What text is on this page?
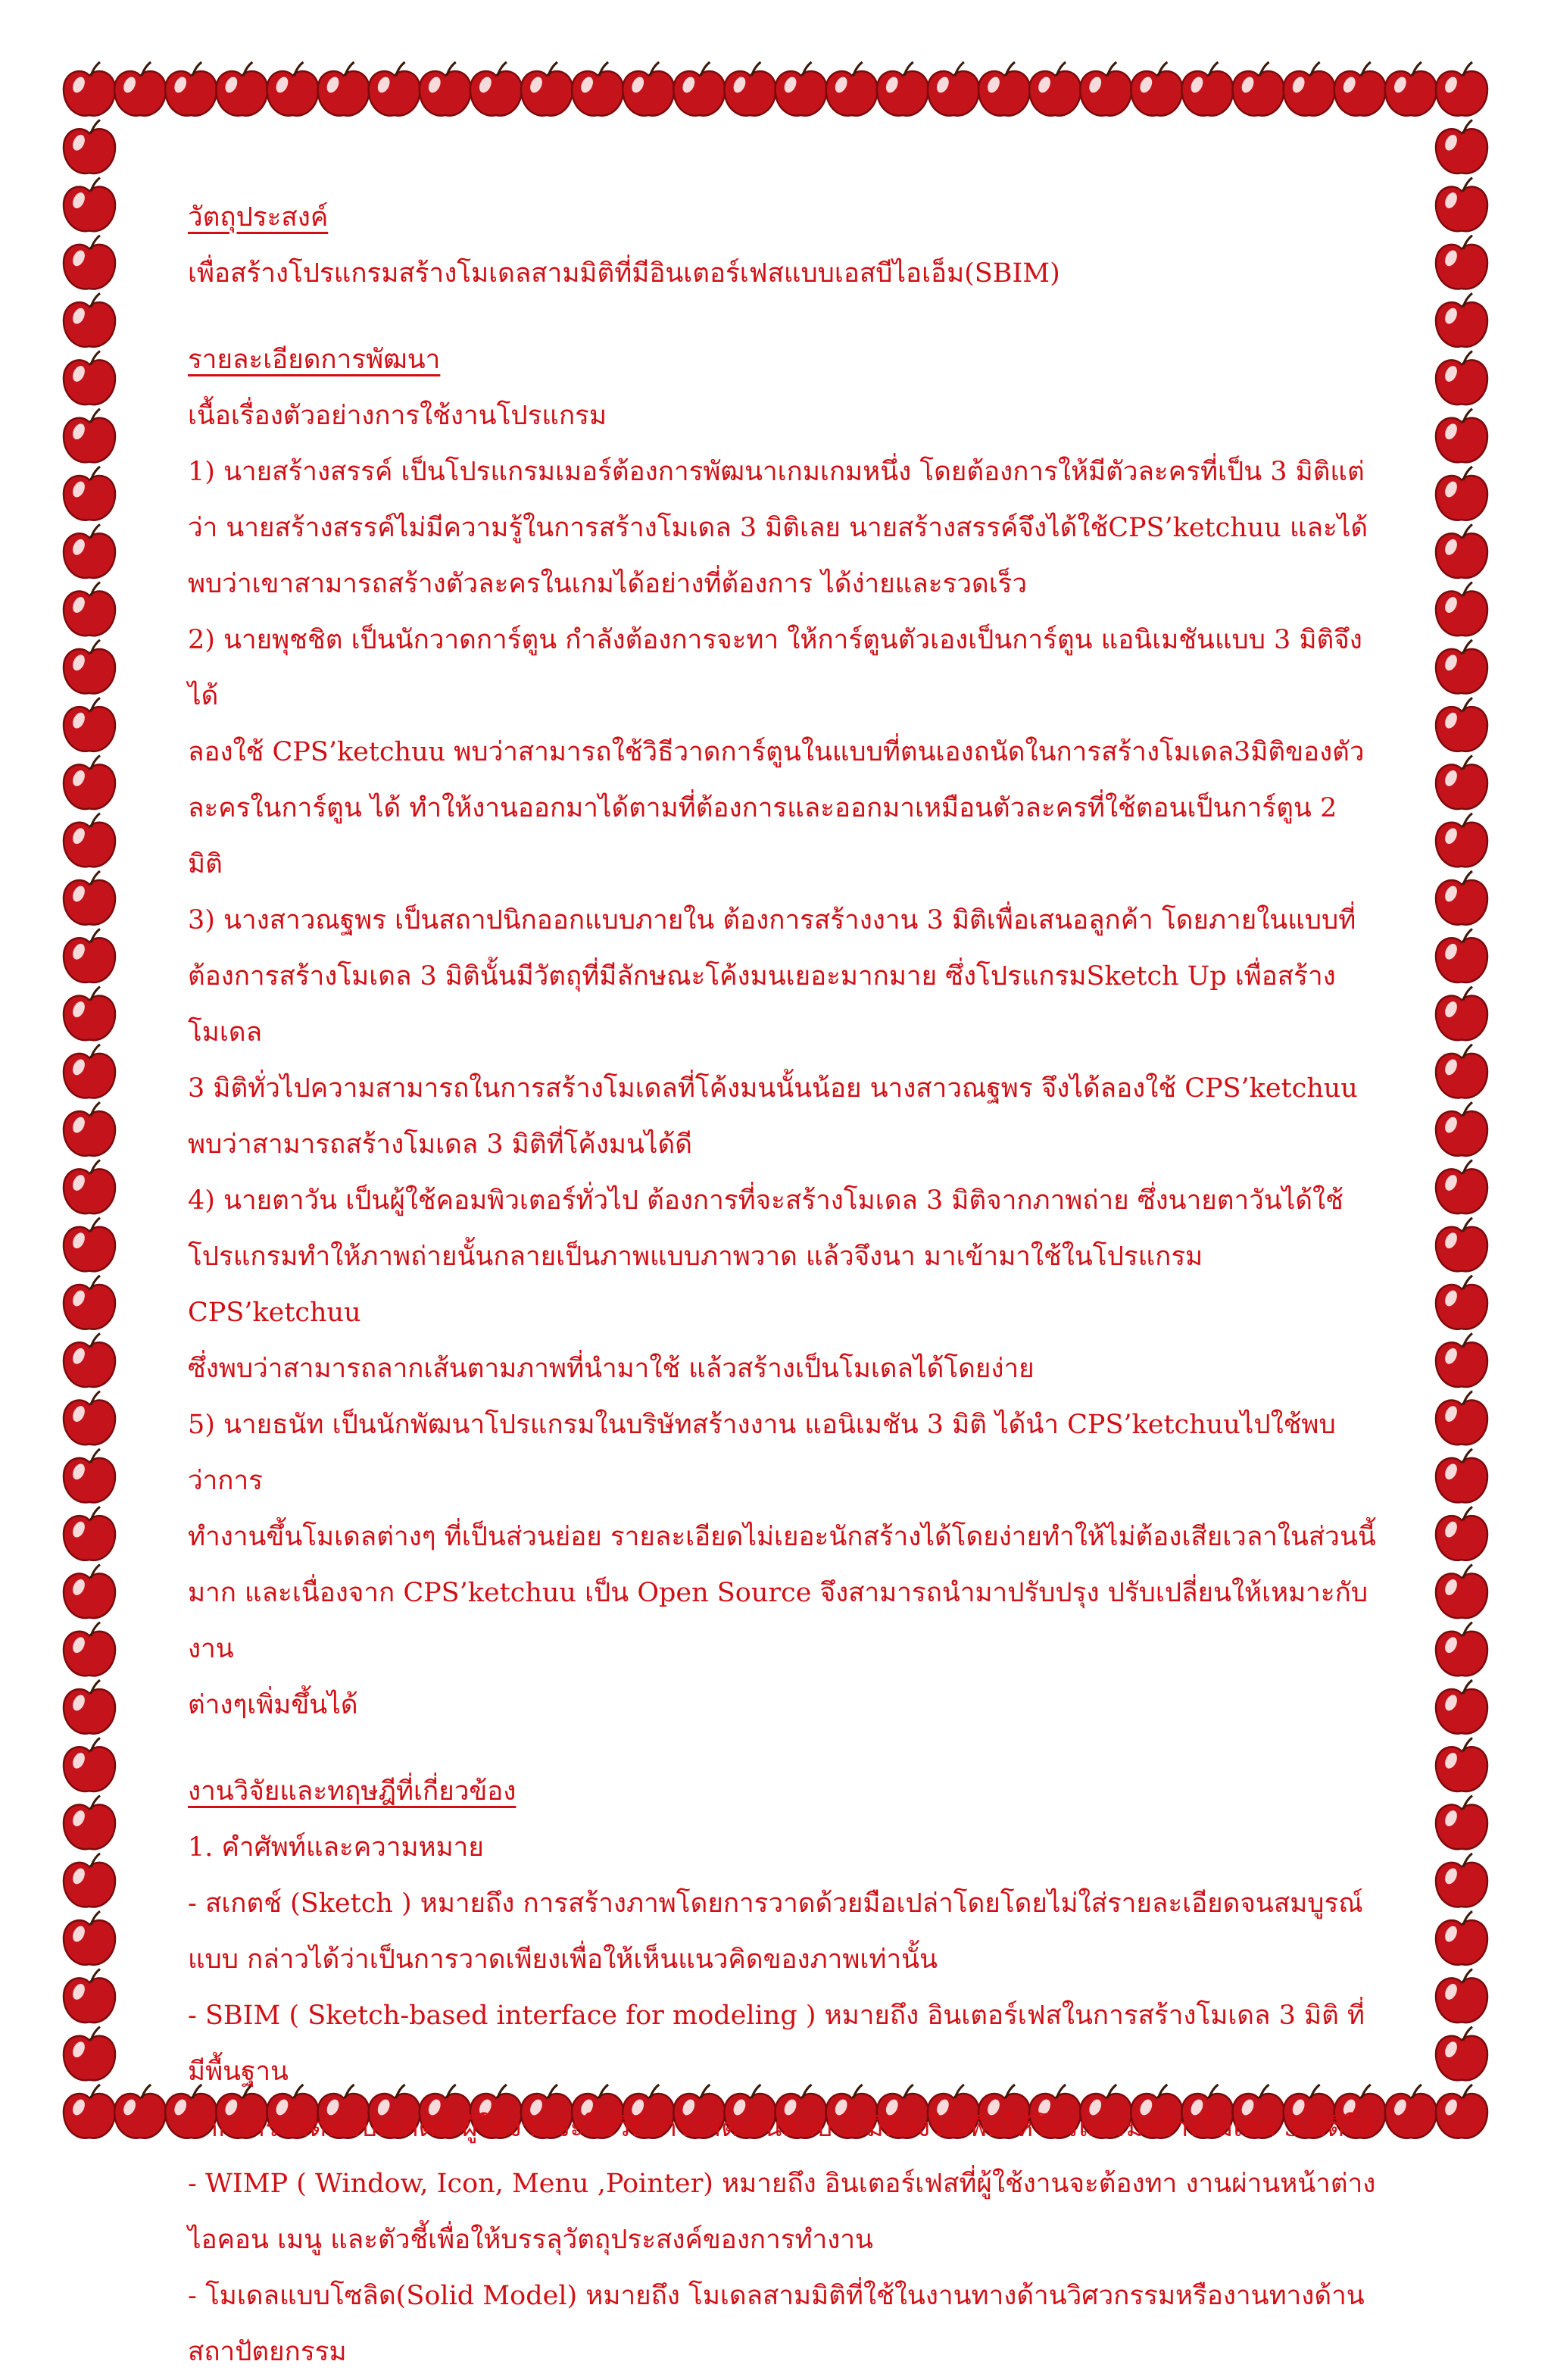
วัตถุประสงค์

เพื่อสร้างโปรแกรมสร้างโมเดลสามมิติที่มีอินเตอร์เฟสแบบเอสบีไอเอ็ม(SBIM)

รายละเอียดการพัฒนา

เนื้อเรื่องตัวอย่างการใช้งานโปรแกรม

1) นายสร้างสรรค์ เป็นโปรแกรมเมอร์ต้องการพัฒนาเกมเกมหนึ่ง โดยต้องการให้มีตัวละครที่เป็น 3 มิติแต่

ว่า นายสร้างสรรค์ไม่มีความรู้ในการสร้างโมเดล 3 มิติเลย นายสร้างสรรค์จึงได้ใช้CPS’ketchuu และได้

พบว่าเขาสามารถสร้างตัวละครในเกมได้อย่างที่ต้องการ ได้ง่ายและรวดเร็ว

2) นายพุชชิต เป็นนักวาดการ์ตูน กำลังต้องการจะทา ให้การ์ตูนตัวเองเป็นการ์ตูน แอนิเมชันแบบ 3 มิติจึงได้

ลองใช้ CPS’ketchuu พบว่าสามารถใช้วิธีวาดการ์ตูนในแบบที่ตนเองถนัดในการสร้างโมเดล3มิติของตัว

ละครในการ์ตูน ได้ ทำให้งานออกมาได้ตามที่ต้องการและออกมาเหมือนตัวละครที่ใช้ตอนเป็นการ์ตูน 2 มิติ

3) นางสาวณฐพร เป็นสถาปนิกออกแบบภายใน ต้องการสร้างงาน 3 มิติเพื่อเสนอลูกค้า โดยภายในแบบที่

ต้องการสร้างโมเดล 3 มิตินั้นมีวัตถุที่มีลักษณะโค้งมนเยอะมากมาย ซึ่งโปรแกรมSketch Up เพื่อสร้างโมเดล

3 มิติทั่วไปความสามารถในการสร้างโมเดลที่โค้งมนนั้นน้อย นางสาวณฐพร จึงได้ลองใช้ CPS’ketchuu

พบว่าสามารถสร้างโมเดล 3 มิติที่โค้งมนได้ดี

4) นายตาวัน เป็นผู้ใช้คอมพิวเตอร์ทั่วไป ต้องการที่จะสร้างโมเดล 3 มิติจากภาพถ่าย ซึ่งนายตาวันได้ใช้

โปรแกรมทำให้ภาพถ่ายนั้นกลายเป็นภาพแบบภาพวาด แล้วจึงนา มาเข้ามาใช้ในโปรแกรม CPS’ketchuu

ซึ่งพบว่าสามารถลากเส้นตามภาพที่นำมาใช้ แล้วสร้างเป็นโมเดลได้โดยง่าย

5) นายธนัท เป็นนักพัฒนาโปรแกรมในบริษัทสร้างงาน แอนิเมชัน 3 มิติ ได้นำ CPS’ketchuuไปใช้พบว่าการ

ทำงานขึ้นโมเดลต่างๆ ที่เป็นส่วนย่อย รายละเอียดไม่เยอะนักสร้างได้โดยง่ายทำให้ไม่ต้องเสียเวลาในส่วนนี้

มาก และเนื่องจาก CPS’ketchuu เป็น Open Source จึงสามารถนำมาปรับปรุง ปรับเปลี่ยนให้เหมาะกับงาน

ต่างๆเพิ่มขึ้นได้

งานวิจัยและทฤษฎีที่เกี่ยวข้อง

1. คำศัพท์และความหมาย

- สเกตช์ (Sketch ) หมายถึง การสร้างภาพโดยการวาดด้วยมือเปล่าโดยโดยไม่ใส่รายละเอียดจนสมบูรณ์

แบบ กล่าวได้ว่าเป็นการวาดเพียงเพื่อให้เห็นแนวคิดของภาพเท่านั้น

- SBIM ( Sketch-based interface for modeling ) หมายถึง อินเตอร์เฟสในการสร้างโมเดล 3 มิติ ที่มีพื้นฐาน

จากการวาดแบบสเกตช์ ผู้ใช้งานจะใช้วิธีการวาดเส้นแบบ 2 มิติลงไปเพื่อให้โปรแกรมสร้างโมเดล 3 มิติให้

- WIMP ( Window, Icon, Menu ,Pointer) หมายถึง อินเตอร์เฟสที่ผู้ใช้งานจะต้องทา งานผ่านหน้าต่าง

ไอคอน เมนู และตัวชี้เพื่อให้บรรลุวัตถุประสงค์ของการทำงาน

- โมเดลแบบโซลิด(Solid Model) หมายถึง โมเดลสามมิติที่ใช้ในงานทางด้านวิศวกรรมหรืองานทางด้าน

สถาปัตยกรรม
